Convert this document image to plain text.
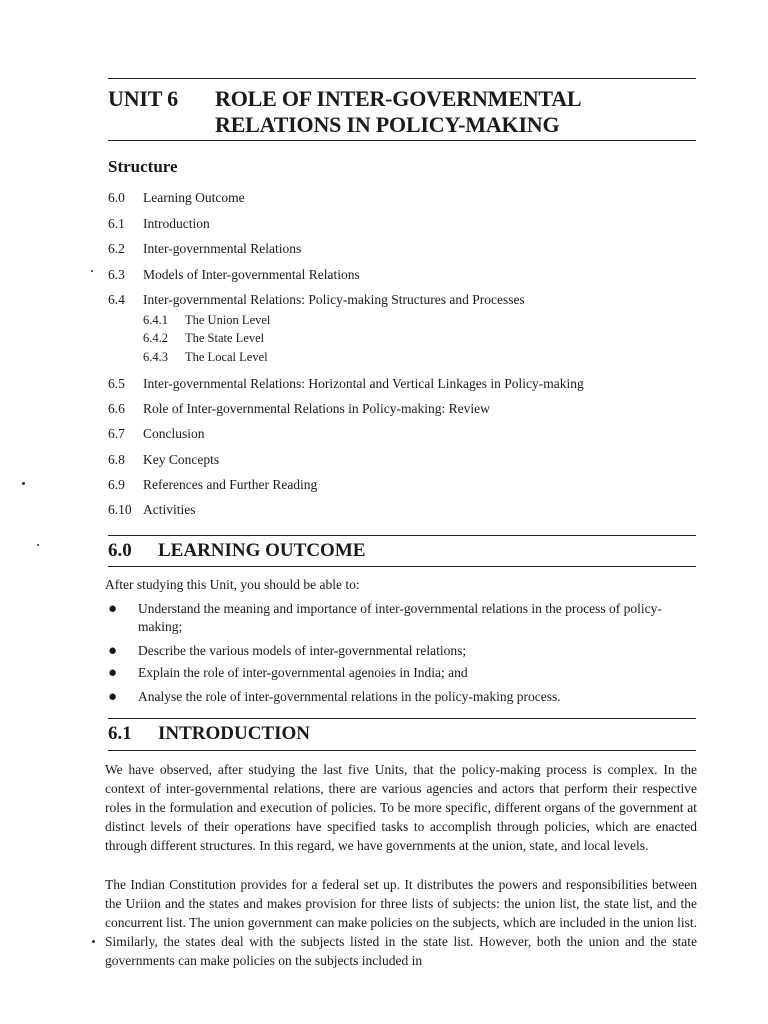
UNIT 6 ROLE OF INTER-GOVERNMENTAL
RELATIONS IN POLICY-MAKING
Structure
6.0 Learning Outcome
6.1 Introduction
6.2 Inter-governmental Relations
6.3 Models of Inter-governmental Relations
6.4 Inter-governmental Relations: Policy-making Structures and Processes
6.4.1 The Union Level
6.4.2 The State Level
6.4.3 The Local Level
6.5 Inter-governmental Relations: Horizontal and Vertical Linkages in Policy-making
6.6 Role of Inter-governmental Relations in Policy-making: Review
6.7 Conclusion
6.8 Key Concepts
6.9 References and Further Reading
6.10 Activities
6.0 LEARNING OUTCOME
After studying this Unit, you should be able to:
● Understand the meaning and importance of inter-governmental relations in the process of policy-making;
● Describe the various models of inter-governmental relations;
● Explain the role of inter-governmental agenoies in India; and
● Analyse the role of inter-governmental relations in the policy-making process.
6.1 INTRODUCTION
We have observed, after studying the last five Units, that the policy-making process is complex. In the context of inter-governmental relations, there are various agencies and actors that perform their respective roles in the formulation and execution of policies. To be more specific, different organs of the government at distinct levels of their operations have specified tasks to accomplish through policies, which are enacted through different structures. In this regard, we have governments at the union, state, and local levels.
The Indian Constitution provides for a federal set up. It distributes the powers and responsibilities between the Uriion and the states and makes provision for three lists of subjects: the union list, the state list, and the concurrent list. The union government can make policies on the subjects, which are included in the union list. Similarly, the states deal with the subjects listed in the state list. However, both the union and the state governments can make policies on the subjects included in
